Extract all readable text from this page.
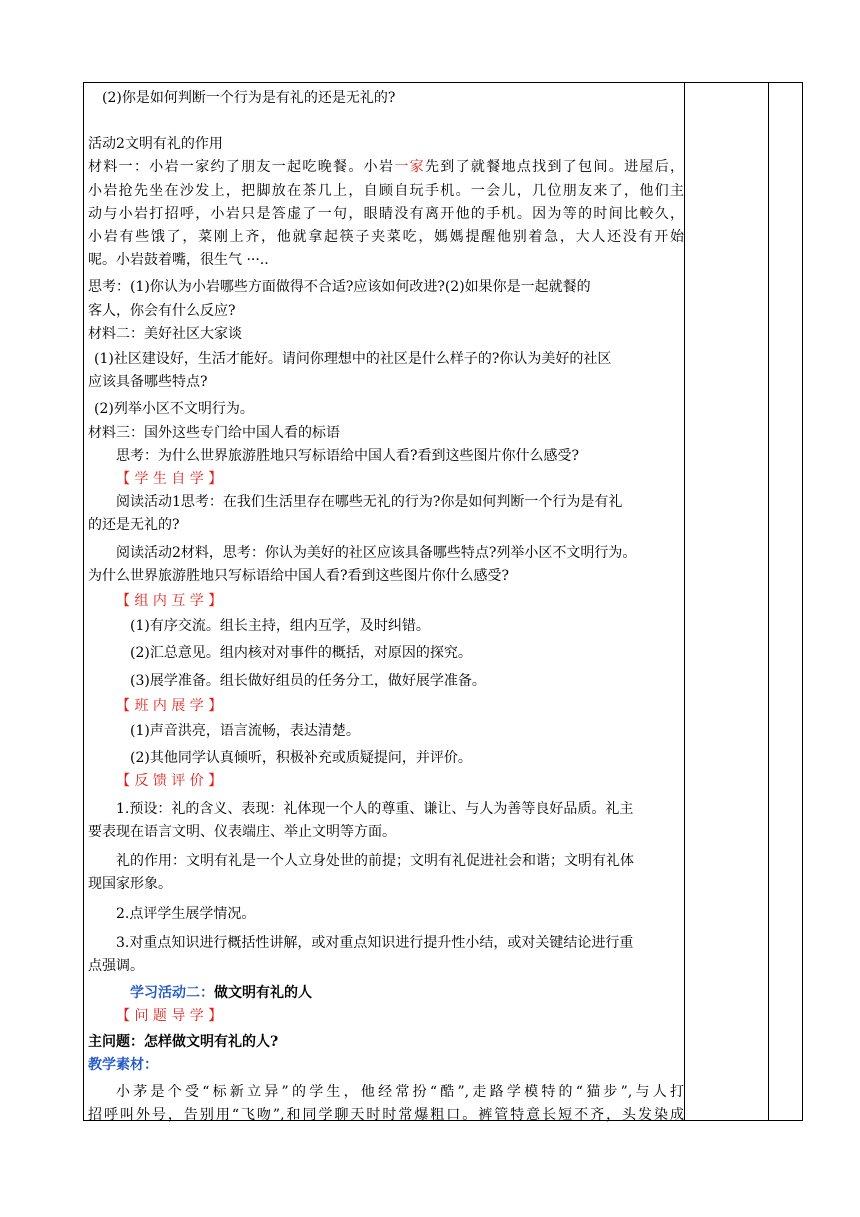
(2)你是如何判断一个行为是有礼的还是无礼的?

活动2文明有礼的作用

材料一：小岩一家约了朋友一起吃晚餐。小岩一家先到了就餐地点找到了包间。进屋后，

小岩抢先坐在沙发上，把脚放在茶几上，自顾自玩手机。一会儿，几位朋友来了，他们主

动与小岩打招呼，小岩只是答虚了一句，眼睛没有离开他的手机。因为等的时间比較久，

小岩有些饿了，菜刚上齐，他就拿起筷子夹菜吃，媽媽提醒他别着急，大人还没有开始

呢。小岩鼓着嘴，很生气 ···..

思考：(1)你认为小岩哪些方面做得不合适?应该如何改进?(2)如果你是一起就餐的

客人，你会有什么反应?

材料二：美好社区大家谈

(1)社区建设好，生活才能好。请问你理想中的社区是什么样子的?你认为美好的社区

应该具备哪些特点?

(2)列举小区不文明行为。

材料三：国外这些专门给中国人看的标语

思考：为什么世界旅游胜地只写标语给中国人看?看到这些图片你什么感受?

【 学 生 自 学 】

阅读活动1思考：在我们生活里存在哪些无礼的行为?你是如何判断一个行为是有礼

的还是无礼的?

阅读活动2材料，思考：你认为美好的社区应该具备哪些特点?列举小区不文明行为。

为什么世界旅游胜地只写标语给中国人看?看到这些图片你什么感受?

【 组 内 互 学 】

(1)有序交流。组长主持，组内互学，及时纠错。

(2)汇总意见。组内核对对事件的概括，对原因的探究。

(3)展学准备。组长做好组员的任务分工，做好展学准备。

【 班 内 展 学 】

(1)声音洪亮，语言流畅，表达清楚。

(2)其他同学认真倾听，积极补充或质疑提问，并评价。

【 反 馈 评 价 】

1.预设：礼的含义、表现：礼体现一个人的尊重、谦让、与人为善等良好品质。礼主

要表现在语言文明、仪表端庄、举止文明等方面。

礼的作用：文明有礼是一个人立身处世的前提；文明有礼促进社会和谐；文明有礼体

现国家形象。

2.点评学生展学情况。

3.对重点知识进行概括性讲解，或对重点知识进行提升性小结，或对关键结论进行重

点强调。

学习活动二：做文明有礼的人

【 问 题 导 学 】

主问题：怎样做文明有礼的人?

教学素材：

小茅是个受“标新立异”的学生，他经常扮“酷”,走路学模特的“猫步”,与人打

招呼叫外号，告别用“飞吻”,和同学聊天时时常爆粗口。裤管特意长短不齐，头发染成
